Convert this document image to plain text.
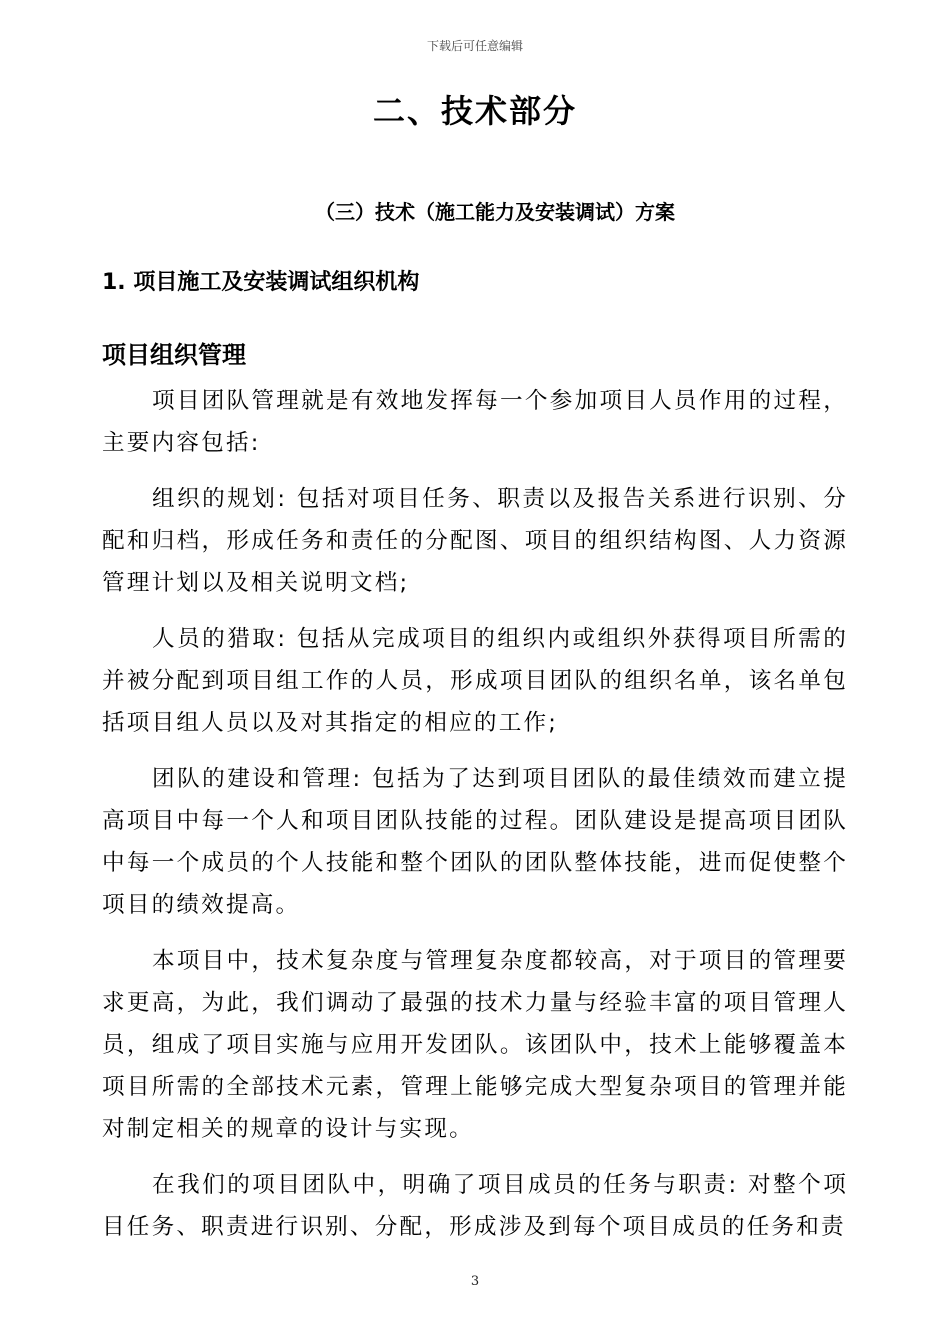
下载后可任意编辑
二、技术部分
（三）技术（施工能力及安装调试）方案
1. 项目施工及安装调试组织机构
项目组织管理

项目团队管理就是有效地发挥每一个参加项目人员作用的过程，主要内容包括:

组织的规划: 包括对项目任务、职责以及报告关系进行识别、分配和归档，形成任务和责任的分配图、项目的组织结构图、人力资源管理计划以及相关说明文档;

人员的猎取: 包括从完成项目的组织内或组织外获得项目所需的并被分配到项目组工作的人员，形成项目团队的组织名单，该名单包括项目组人员以及对其指定的相应的工作;

团队的建设和管理: 包括为了达到项目团队的最佳绩效而建立提高项目中每一个人和项目团队技能的过程。团队建设是提高项目团队中每一个成员的个人技能和整个团队的团队整体技能，进而促使整个项目的绩效提高。

本项目中，技术复杂度与管理复杂度都较高，对于项目的管理要求更高，为此，我们调动了最强的技术力量与经验丰富的项目管理人员，组成了项目实施与应用开发团队。该团队中，技术上能够覆盖本项目所需的全部技术元素，管理上能够完成大型复杂项目的管理并能对制定相关的规章的设计与实现。

在我们的项目团队中，明确了项目成员的任务与职责: 对整个项目任务、职责进行识别、分配，形成涉及到每个项目成员的任务和责

3
